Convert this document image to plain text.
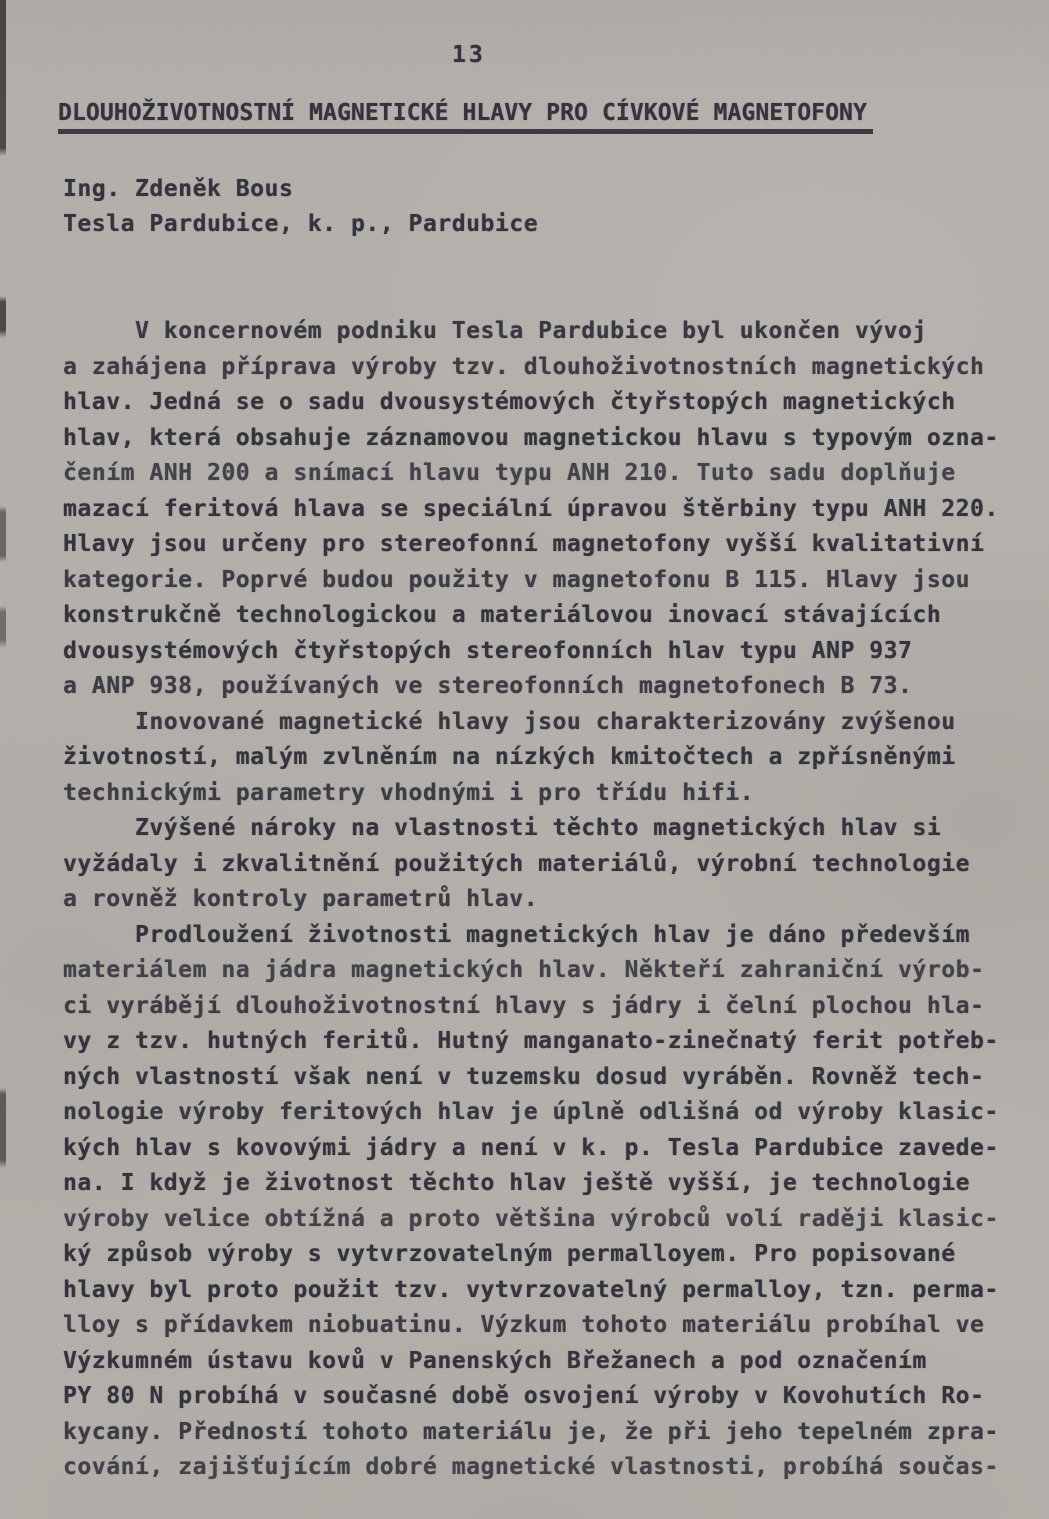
13
DLOUHOŽIVOTNOSTNÍ MAGNETICKÉ HLAVY PRO CÍVKOVÉ MAGNETOFONY
Ing. Zdeněk Bous
Tesla Pardubice, k. p., Pardubice
V koncernovém podniku Tesla Pardubice byl ukončen vývoj
a zahájena příprava výroby tzv. dlouhoživotnostních magnetických
hlav. Jedná se o sadu dvousystémových čtyřstopých magnetických
hlav, která obsahuje záznamovou magnetickou hlavu s typovým ozna-
čením ANH 200 a snímací hlavu typu ANH 210. Tuto sadu doplňuje
mazací feritová hlava se speciální úpravou štěrbiny typu ANH 220.
Hlavy jsou určeny pro stereofonní magnetofony vyšší kvalitativní
kategorie. Poprvé budou použity v magnetofonu B 115. Hlavy jsou
konstrukčně technologickou a materiálovou inovací stávajících
dvousystémových čtyřstopých stereofonních hlav typu ANP 937
a ANP 938, používaných ve stereofonních magnetofonech B 73.
Inovované magnetické hlavy jsou charakterizovány zvýšenou
životností, malým zvlněním na nízkých kmitočtech a zpřísněnými
technickými parametry vhodnými i pro třídu hifi.
Zvýšené nároky na vlastnosti těchto magnetických hlav si
vyžádaly i zkvalitnění použitých materiálů, výrobní technologie
a rovněž kontroly parametrů hlav.
Prodloužení životnosti magnetických hlav je dáno především
materiálem na jádra magnetických hlav. Někteří zahraniční výrob-
ci vyrábějí dlouhoživotnostní hlavy s jádry i čelní plochou hla-
vy z tzv. hutných feritů. Hutný manganato-zinečnatý ferit potřeb-
ných vlastností však není v tuzemsku dosud vyráběn. Rovněž tech-
nologie výroby feritových hlav je úplně odlišná od výroby klasic-
kých hlav s kovovými jádry a není v k. p. Tesla Pardubice zavede-
na. I když je životnost těchto hlav ještě vyšší, je technologie
výroby velice obtížná a proto většina výrobců volí raději klasic-
ký způsob výroby s vytvrzovatelným permalloyem. Pro popisované
hlavy byl proto použit tzv. vytvrzovatelný permalloy, tzn. perma-
lloy s přídavkem niobuatinu. Výzkum tohoto materiálu probíhal ve
Výzkumném ústavu kovů v Panenských Břežanech a pod označením
PY 80 N probíhá v současné době osvojení výroby v Kovohutích Ro-
kycany. Předností tohoto materiálu je, že při jeho tepelném zpra-
cování, zajišťujícím dobré magnetické vlastnosti, probíhá součas-
